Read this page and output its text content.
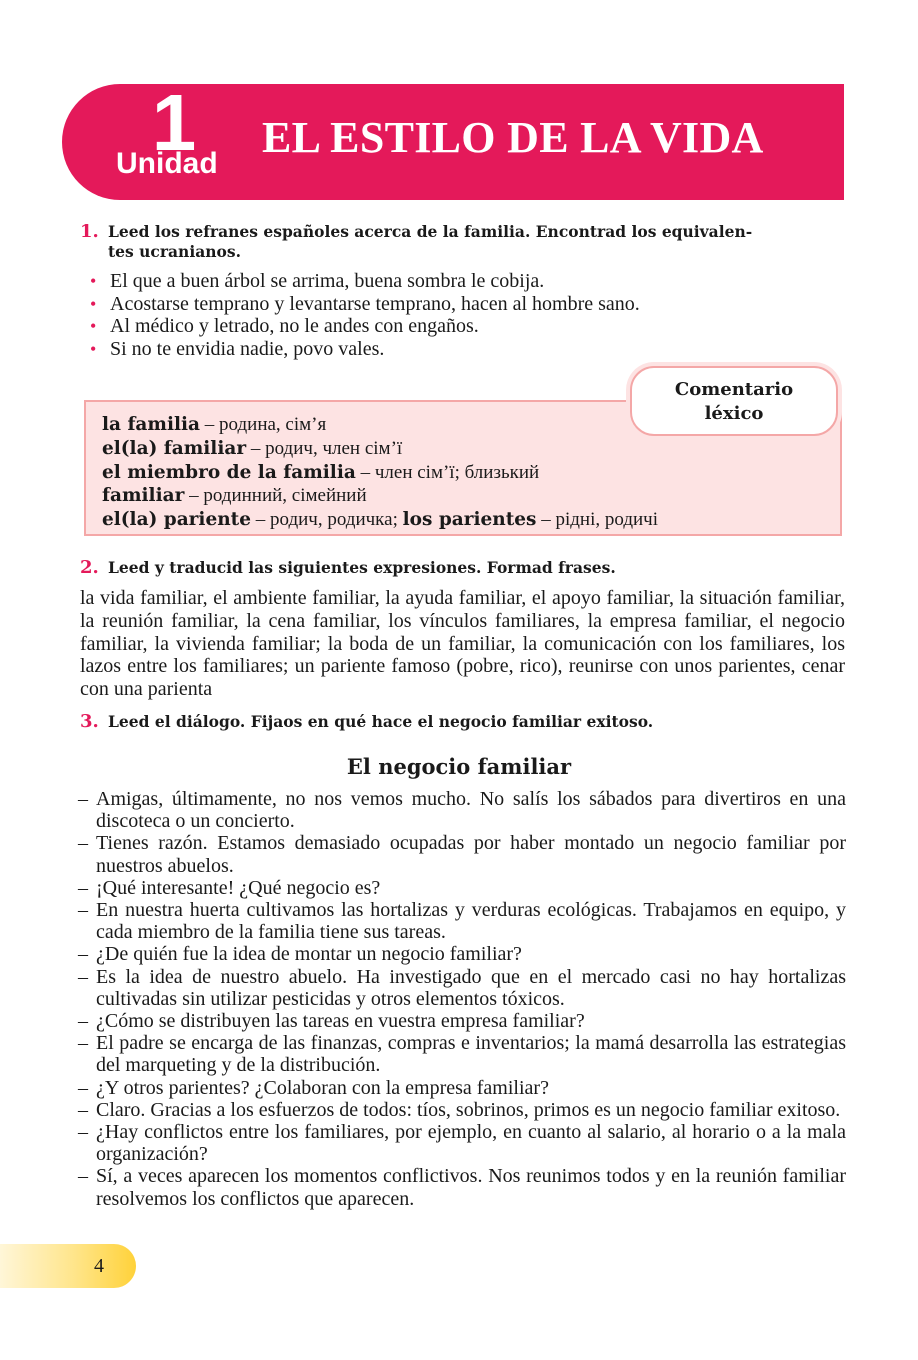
1
Unidad
EL ESTILO DE LA VIDA
1. Leed los refranes españoles acerca de la familia. Encontrad los equivalen-
tes ucranianos.
• El que a buen árbol se arrima, buena sombra le cobija.
• Acostarse temprano y levantarse temprano, hacen al hombre sano.
• Al médico y letrado, no le andes con engaños.
• Si no te envidia nadie, povo vales.
Comentario
léxico
la familia – родина, сім’я
el(la) familiar – родич, член сім’ї
el miembro de la familia – член сім’ї; близький
familiar – родинний, сімейний
el(la) pariente – родич, родичка; los parientes – рідні, родичі
2. Leed y traducid las siguientes expresiones. Formad frases.

la vida familiar, el ambiente familiar, la ayuda familiar, el apoyo familiar, la situación familiar, la reunión familiar, la cena familiar, los vínculos familiares, la empresa familiar, el negocio familiar, la vivienda familiar; la boda de un familiar, la comunicación con los familiares, los lazos entre los familiares; un pariente famoso (pobre, rico), reunirse con unos parientes, cenar con una parienta

3. Leed el diálogo. Fijaos en qué hace el negocio familiar exitoso.
El negocio familiar
– Amigas, últimamente, no nos vemos mucho. No salís los sábados para divertiros en una discoteca o un concierto.
– Tienes razón. Estamos demasiado ocupadas por haber montado un negocio familiar por nuestros abuelos.
– ¡Qué interesante! ¿Qué negocio es?
– En nuestra huerta cultivamos las hortalizas y verduras ecológicas. Trabajamos en equipo, y cada miembro de la familia tiene sus tareas.
– ¿De quién fue la idea de montar un negocio familiar?
– Es la idea de nuestro abuelo. Ha investigado que en el mercado casi no hay hortalizas cultivadas sin utilizar pesticidas y otros elementos tóxicos.
– ¿Cómo se distribuyen las tareas en vuestra empresa familiar?
– El padre se encarga de las finanzas, compras e inventarios; la mamá desarrolla las estrategias del marqueting y de la distribución.
– ¿Y otros parientes? ¿Colaboran con la empresa familiar?
– Claro. Gracias a los esfuerzos de todos: tíos, sobrinos, primos es un negocio familiar exitoso.
– ¿Hay conflictos entre los familiares, por ejemplo, en cuanto al salario, al horario o a la mala organización?
– Sí, a veces aparecen los momentos conflictivos. Nos reunimos todos y en la reunión familiar resolvemos los conflictos que aparecen.
4
